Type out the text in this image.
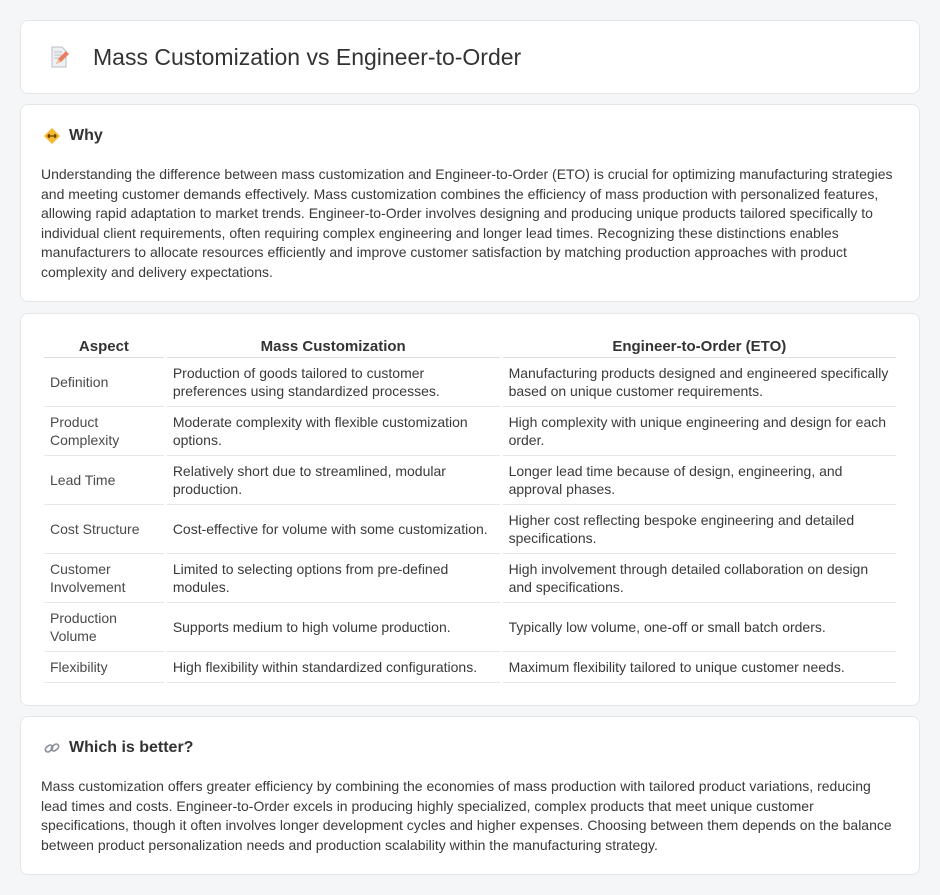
Mass Customization vs Engineer-to-Order
Why

Understanding the difference between mass customization and Engineer-to-Order (ETO) is crucial for optimizing manufacturing strategies and meeting customer demands effectively. Mass customization combines the efficiency of mass production with personalized features, allowing rapid adaptation to market trends. Engineer-to-Order involves designing and producing unique products tailored specifically to individual client requirements, often requiring complex engineering and longer lead times. Recognizing these distinctions enables manufacturers to allocate resources efficiently and improve customer satisfaction by matching production approaches with product complexity and delivery expectations.

Aspect	Mass Customization	Engineer-to-Order (ETO)
Definition	Production of goods tailored to customer preferences using standardized processes.	Manufacturing products designed and engineered specifically based on unique customer requirements.
Product Complexity	Moderate complexity with flexible customization options.	High complexity with unique engineering and design for each order.
Lead Time	Relatively short due to streamlined, modular production.	Longer lead time because of design, engineering, and approval phases.
Cost Structure	Cost-effective for volume with some customization.	Higher cost reflecting bespoke engineering and detailed specifications.
Customer Involvement	Limited to selecting options from pre-defined modules.	High involvement through detailed collaboration on design and specifications.
Production Volume	Supports medium to high volume production.	Typically low volume, one-off or small batch orders.
Flexibility	High flexibility within standardized configurations.	Maximum flexibility tailored to unique customer needs.
Which is better?

Mass customization offers greater efficiency by combining the economies of mass production with tailored product variations, reducing lead times and costs. Engineer-to-Order excels in producing highly specialized, complex products that meet unique customer specifications, though it often involves longer development cycles and higher expenses. Choosing between them depends on the balance between product personalization needs and production scalability within the manufacturing strategy.
